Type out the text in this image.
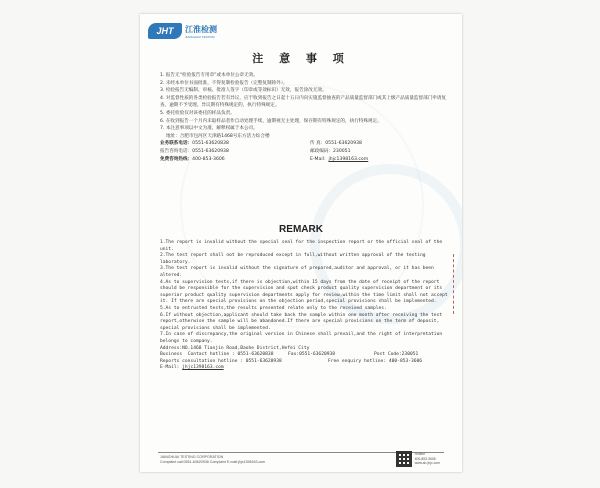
JHT	江淮检测
JIANGHUAI TESTING
注 意 事 项

1. 报告无“检验报告专用章”或本单位公章无效。

2. 未经本单位书面批准，不得复制检验报告（完整复制除外）。

3. 检验报告无编制、审核、批准人签字（印章或等效标识）无效，报告涂改无效。

4. 对监督性质的各类检验报告若有异议，应于收到报告之日起十五日内向实施监督抽查的产品质量监督部门或其上级产品质量监督部门申请复查，逾期不予受理。异议期有特殊规定的，执行特殊规定。

5. 委托检验仅对该委托的样品负责。

6. 在收到报告一个月内未取样品者作自动处理手续，逾期视无主处理，保存期有特殊规定的，执行特殊规定。

7. 本注意事项以中文为准，解释权属于本公司。

地址：合肥市包河区天津路1468号东方活力综合楼

业务联系电话：0551-63620838	传 真：0551-63620938
报告咨询电话：0551-63620938	邮政编码：230051
免费咨询热线：400-853-3606	E-Mail：jhjc1398163.com
REMARK

1.The report is invalid without the special seal for the inspection report or the official seal of the unit.

2.The test report shall not be reproduced except in full,without written approval of the testing laboratory.

3.The test report is invalid without the signature of prepared,auditor and approval, or it has been altered.

4.As to supervision tests,if there is objection,within 15 days from the date of receipt of the report should be responsible for the supervision and spot check product quality supervision department or its superior product quality supervision departments apply for review,within the time limit shall not accept it. If there are special provisions on the objection period,special provisions shall be implemented.

5.As to entrusted tests,the results presented relate only to the received samples.

6.If without objection,applicant should take back the sample within one month after receiving the test report,otherwise the sample will be abandoned.If there are special provisions on the term of deposit, special provisions shall be implemented.

7.In case of discrepancy,the original version in Chinese shall prevail,and the right of interpretation belongs to company.

Address:NO.1468 Tianjin Road,Baohe District,Hefei City

Business Contact hotline : 0551-63620838	Fax:0551-63620938	Post Code:230051
Reports consultation hotline : 0551-63620938	Free enquiry hotline: 400-853-3606

E-Mail: jhjc1398163.com

JIANGHUAI TESTING CORPORATION
Complaint call:0551-63620938 Complaint E-mail:jhjc1398163.com
Hotline
400-853-3606
www.ah-jhjc.com
